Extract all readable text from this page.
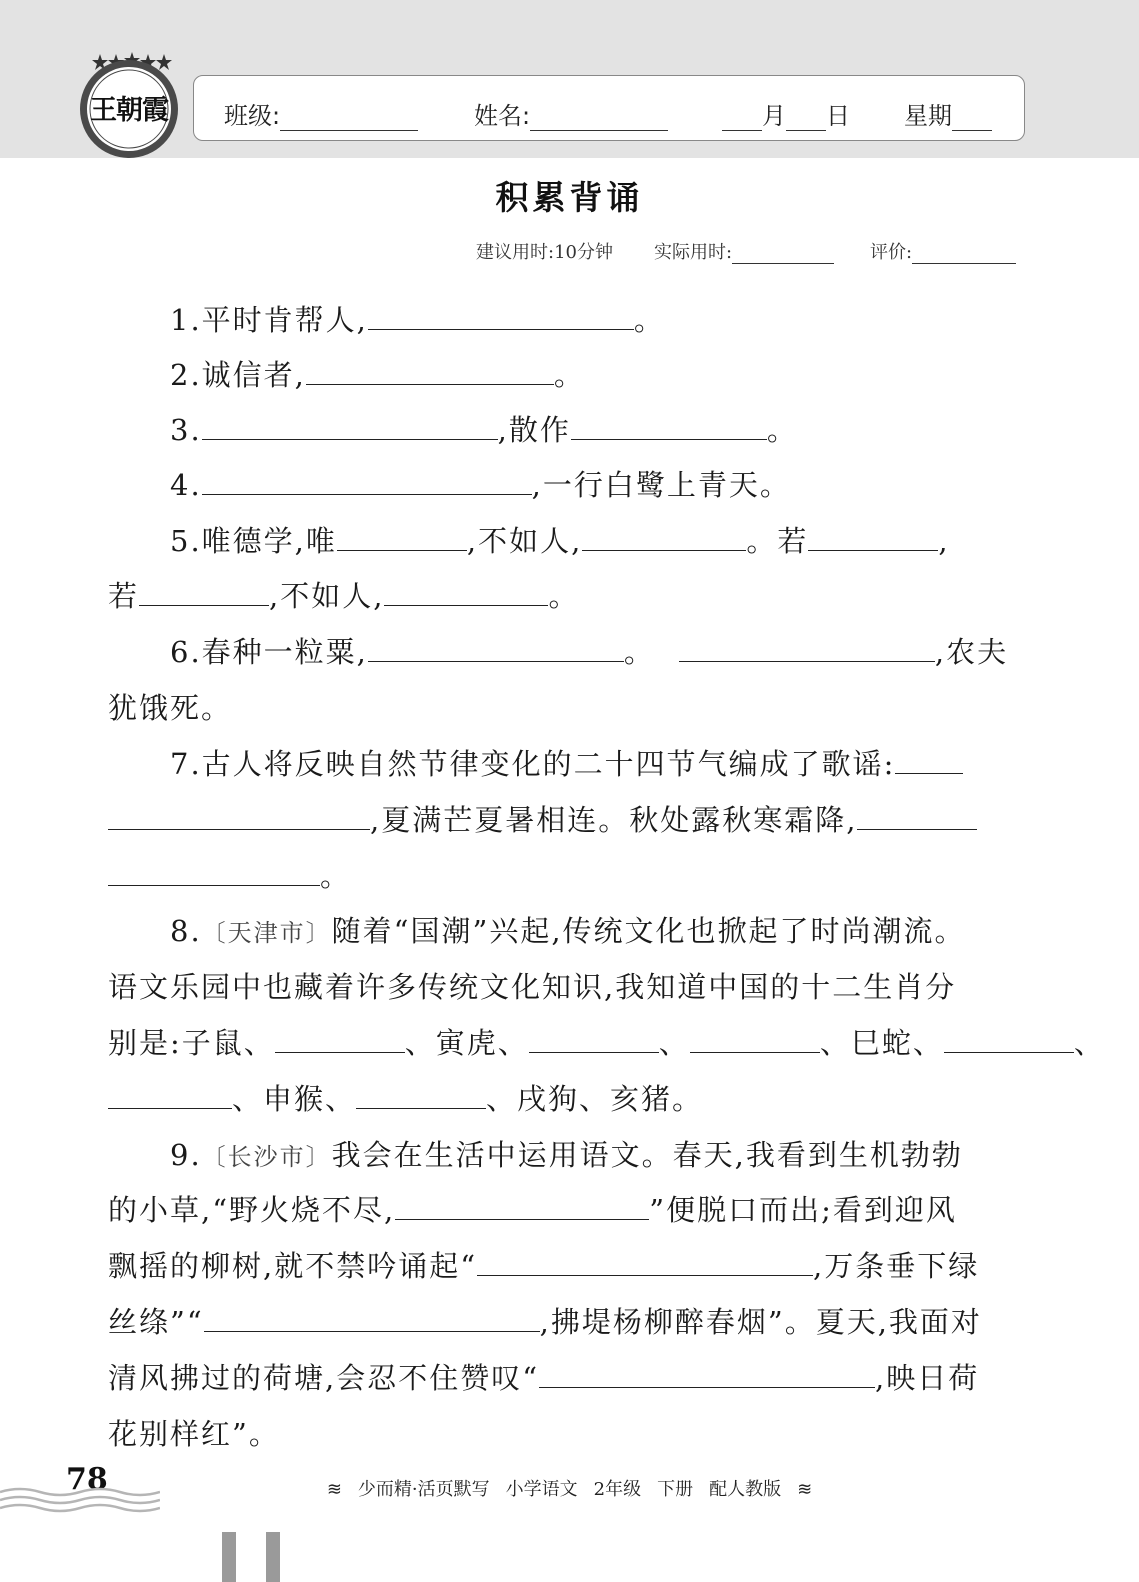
王朝霞 班级:	姓名:	月 日 星期
积累背诵
建议用时:10分钟 实际用时:	评价:
1.平时肯帮人,	。
2.诚信者,	。
3.	,散作	。
4.	,一行白鹭上青天。
5.唯德学,唯	,不如人,	。若	,
若	,不如人,	。
6.春种一粒粟,	。	,农夫
犹饿死。
7.古人将反映自然节律变化的二十四节气编成了歌谣:
,夏满芒夏暑相连。秋处露秋寒霜降,
。
8.〔天津市〕随着“国潮”兴起,传统文化也掀起了时尚潮流。
语文乐园中也藏着许多传统文化知识,我知道中国的十二生肖分
别是:子鼠、	、寅虎、	、	、巳蛇、	、
、申猴、	、戌狗、亥猪。
9.〔长沙市〕我会在生活中运用语文。春天,我看到生机勃勃
的小草,“野火烧不尽,	”便脱口而出;看到迎风
飘摇的柳树,就不禁吟诵起“	,万条垂下绿
丝绦”“	,拂堤杨柳醉春烟”。夏天,我面对
清风拂过的荷塘,会忍不住赞叹“	,映日荷
花别样红”。
78	≋ 少而精·活页默写 小学语文 2年级 下册 配人教版 ≋
